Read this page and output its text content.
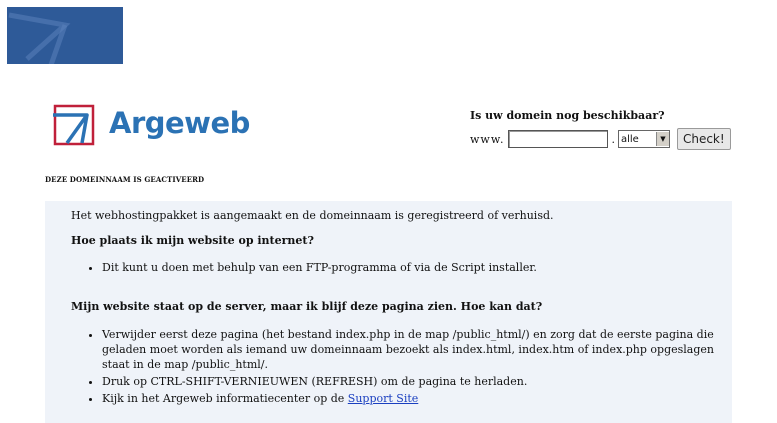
Argeweb	Is uw domein nog beschikbaar?
www.	. alle	▼	Check!
DEZE DOMEINNAAM IS GEACTIVEERD

Het webhostingpakket is aangemaakt en de domeinnaam is geregistreerd of verhuisd.

Hoe plaats ik mijn website op internet?

• Dit kunt u doen met behulp van een FTP-programma of via de Script installer.

Mijn website staat op de server, maar ik blijf deze pagina zien. Hoe kan dat?

• Verwijder eerst deze pagina (het bestand index.php in de map /public_html/) en zorg dat de eerste pagina die geladen moet worden als iemand uw domeinnaam bezoekt als index.html, index.htm of index.php opgeslagen staat in de map /public_html/.
• Druk op CTRL-SHIFT-VERNIEUWEN (REFRESH) om de pagina te herladen.
• Kijk in het Argeweb informatiecenter op de Support Site
